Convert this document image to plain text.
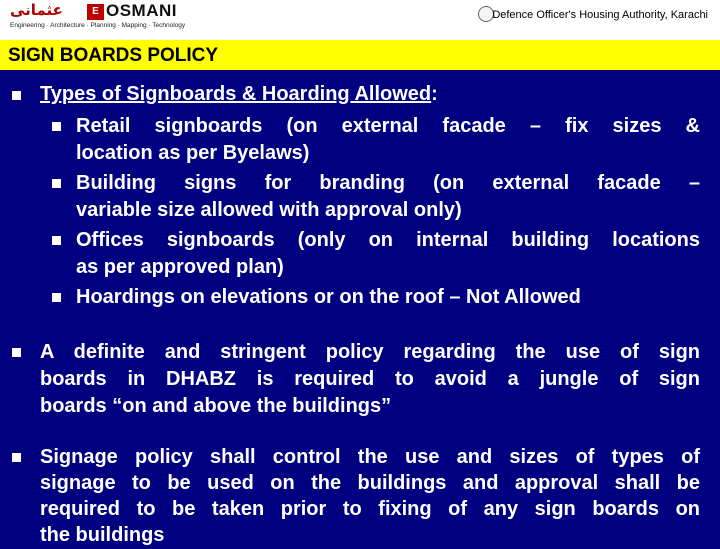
عثمانی	E OSMANI
Engineering · Architecture · Planning · Mapping · Technology
Defence Officer's Housing Authority, Karachi
SIGN BOARDS POLICY

Types of Signboards & Hoarding Allowed:

Retail signboards (on external facade – fix sizes &

location as per Byelaws)

Building signs for branding (on external facade –

variable size allowed with approval only)

Offices signboards (only on internal building locations

as per approved plan)

Hoardings on elevations or on the roof – Not Allowed

A definite and stringent policy regarding the use of sign

boards in DHABZ is required to avoid a jungle of sign

boards “on and above the buildings”

Signage policy shall control the use and sizes of types of

signage to be used on the buildings and approval shall be

required to be taken prior to fixing of any sign boards on

the buildings
